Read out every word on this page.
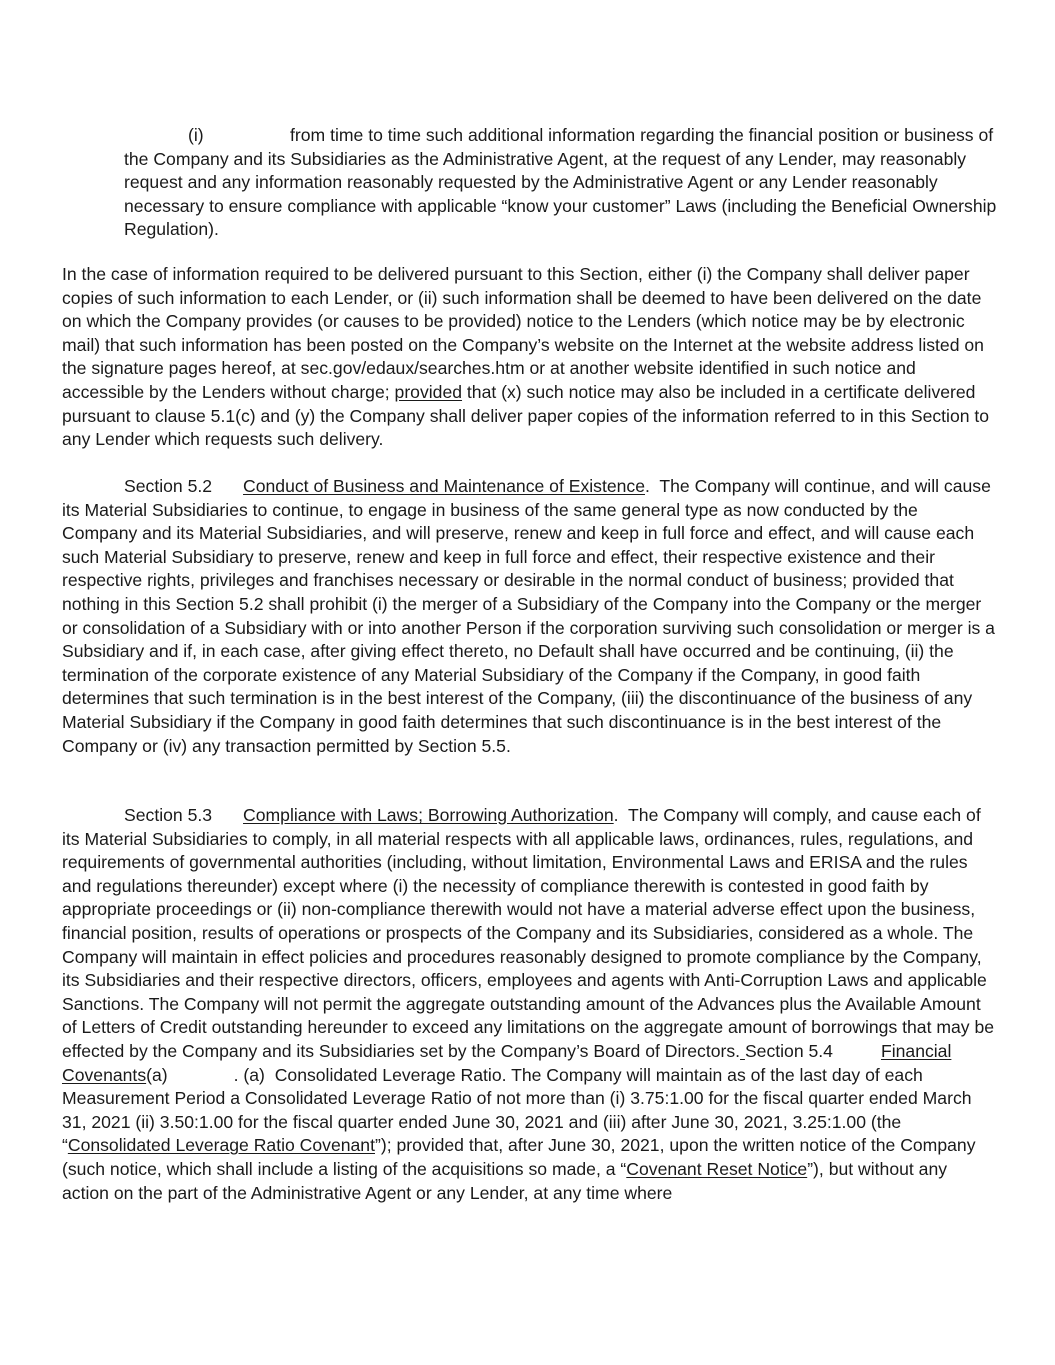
(i)	from time to time such additional information regarding the financial position or business of the Company and its Subsidiaries as the Administrative Agent, at the request of any Lender, may reasonably request and any information reasonably requested by the Administrative Agent or any Lender reasonably necessary to ensure compliance with applicable “know your customer” Laws (including the Beneficial Ownership Regulation).
In the case of information required to be delivered pursuant to this Section, either (i) the Company shall deliver paper copies of such information to each Lender, or (ii) such information shall be deemed to have been delivered on the date on which the Company provides (or causes to be provided) notice to the Lenders (which notice may be by electronic mail) that such information has been posted on the Company’s website on the Internet at the website address listed on the signature pages hereof, at sec.gov/edaux/searches.htm or at another website identified in such notice and accessible by the Lenders without charge; provided that (x) such notice may also be included in a certificate delivered pursuant to clause 5.1(c) and (y) the Company shall deliver paper copies of the information referred to in this Section to any Lender which requests such delivery.
Section 5.2 Conduct of Business and Maintenance of Existence.  The Company will continue, and will cause its Material Subsidiaries to continue, to engage in business of the same general type as now conducted by the Company and its Material Subsidiaries, and will preserve, renew and keep in full force and effect, and will cause each such Material Subsidiary to preserve, renew and keep in full force and effect, their respective existence and their respective rights, privileges and franchises necessary or desirable in the normal conduct of business; provided that nothing in this Section 5.2 shall prohibit (i) the merger of a Subsidiary of the Company into the Company or the merger or consolidation of a Subsidiary with or into another Person if the corporation surviving such consolidation or merger is a Subsidiary and if, in each case, after giving effect thereto, no Default shall have occurred and be continuing, (ii) the termination of the corporate existence of any Material Subsidiary of the Company if the Company, in good faith determines that such termination is in the best interest of the Company, (iii) the discontinuance of the business of any Material Subsidiary if the Company in good faith determines that such discontinuance is in the best interest of the Company or (iv) any transaction permitted by Section 5.5.
Section 5.3 Compliance with Laws; Borrowing Authorization.  The Company will comply, and cause each of its Material Subsidiaries to comply, in all material respects with all applicable laws, ordinances, rules, regulations, and requirements of governmental authorities (including, without limitation, Environmental Laws and ERISA and the rules and regulations thereunder) except where (i) the necessity of compliance therewith is contested in good faith by appropriate proceedings or (ii) non-compliance therewith would not have a material adverse effect upon the business, financial position, results of operations or prospects of the Company and its Subsidiaries, considered as a whole. The Company will maintain in effect policies and procedures reasonably designed to promote compliance by the Company, its Subsidiaries and their respective directors, officers, employees and agents with Anti-Corruption Laws and applicable Sanctions. The Company will not permit the aggregate outstanding amount of the Advances plus the Available Amount of Letters of Credit outstanding hereunder to exceed any limitations on the aggregate amount of borrowings that may be effected by the Company and its Subsidiaries set by the Company’s Board of Directors. Section 5.4	Financial Covenants(a)	. (a) Consolidated Leverage Ratio. The Company will maintain as of the last day of each Measurement Period a Consolidated Leverage Ratio of not more than (i) 3.75:1.00 for the fiscal quarter ended March 31, 2021 (ii) 3.50:1.00 for the fiscal quarter ended June 30, 2021 and (iii) after June 30, 2021, 3.25:1.00 (the “Consolidated Leverage Ratio Covenant”); provided that, after June 30, 2021, upon the written notice of the Company (such notice, which shall include a listing of the acquisitions so made, a “Covenant Reset Notice”), but without any action on the part of the Administrative Agent or any Lender, at any time where
